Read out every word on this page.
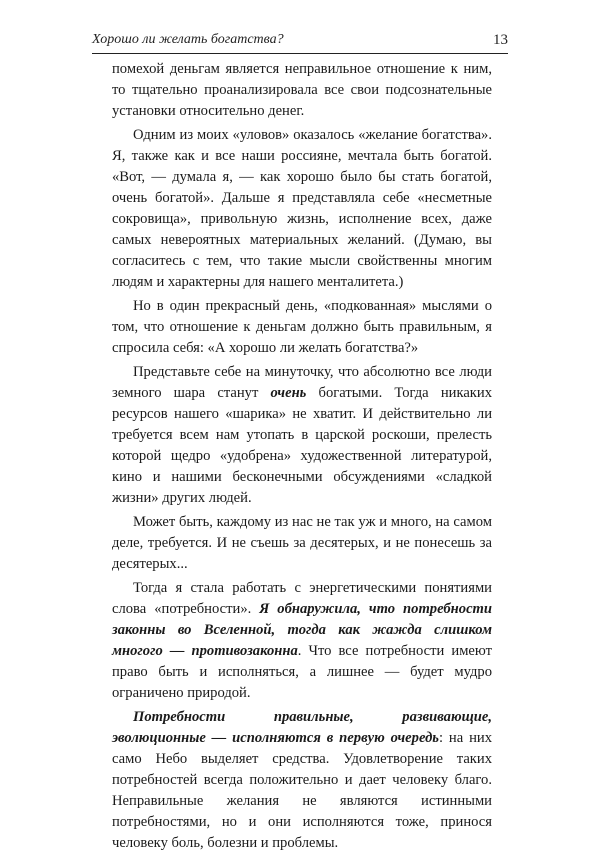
Хорошо ли желать богатства?	13

помехой деньгам является неправильное отношение к ним, то тщательно проанализировала все свои подсознательные установки относительно денег.

Одним из моих «уловов» оказалось «желание богатства». Я, также как и все наши россияне, мечтала быть богатой. «Вот, — думала я, — как хорошо было бы стать богатой, очень богатой». Дальше я представляла себе «несметные сокровища», привольную жизнь, исполнение всех, даже самых невероятных материальных желаний. (Думаю, вы согласитесь с тем, что такие мысли свойственны многим людям и характерны для нашего менталитета.)

Но в один прекрасный день, «подкованная» мыслями о том, что отношение к деньгам должно быть правильным, я спросила себя: «А хорошо ли желать богатства?»

Представьте себе на минуточку, что абсолютно все люди земного шара станут очень богатыми. Тогда никаких ресурсов нашего «шарика» не хватит. И действительно ли требуется всем нам утопать в царской роскоши, прелесть которой щедро «удобрена» художественной литературой, кино и нашими бесконечными обсуждениями «сладкой жизни» других людей.

Может быть, каждому из нас не так уж и много, на самом деле, требуется. И не съешь за десятерых, и не понесешь за десятерых...

Тогда я стала работать с энергетическими понятиями слова «потребности». Я обнаружила, что потребности законны во Вселенной, тогда как жажда слишком многого — противозаконна. Что все потребности имеют право быть и исполняться, а лишнее — будет мудро ограничено природой.

Потребности правильные, развивающие, эволюционные — исполняются в первую очередь: на них само Небо выделяет средства. Удовлетворение таких потребностей всегда положительно и дает человеку благо. Неправильные желания не являются истинными потребностями, но и они исполняются тоже, принося человеку боль, болезни и проблемы.
